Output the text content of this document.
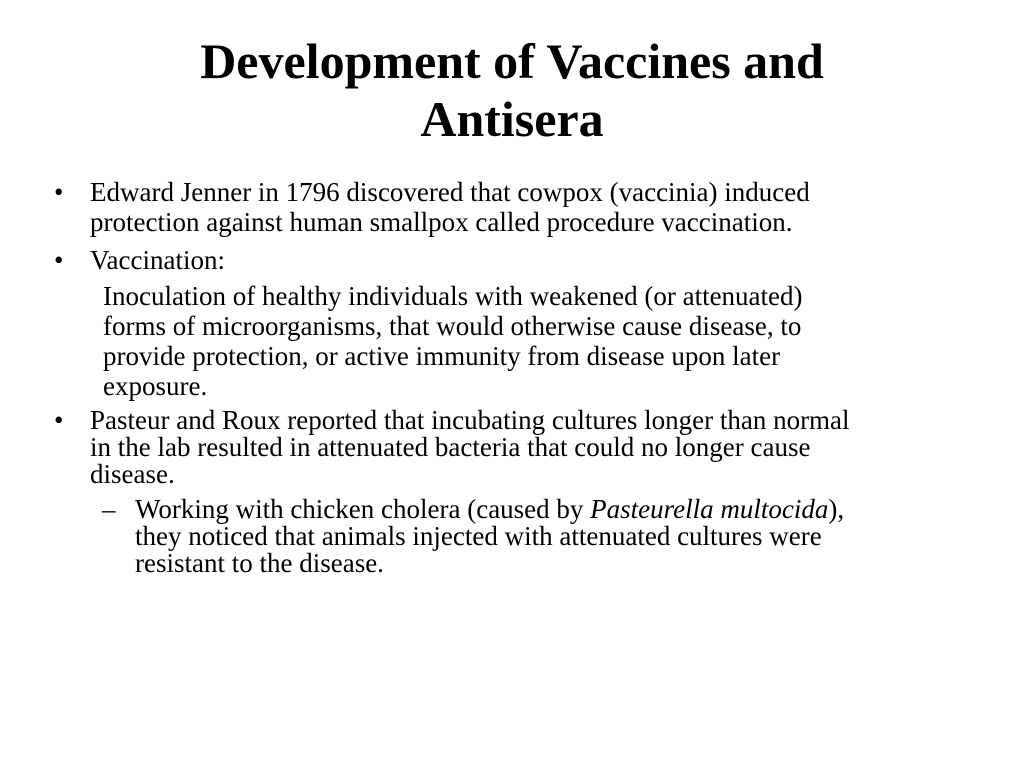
Development of Vaccines and
Antisera

• Edward Jenner in 1796 discovered that cowpox (vaccinia) induced protection against human smallpox called procedure vaccination.

• Vaccination:

Inoculation of healthy individuals with weakened (or attenuated) forms of microorganisms, that would otherwise cause disease, to provide protection, or active immunity from disease upon later exposure.

• Pasteur and Roux reported that incubating cultures longer than normal in the lab resulted in attenuated bacteria that could no longer cause disease.

– Working with chicken cholera (caused by Pasteurella multocida), they noticed that animals injected with attenuated cultures were resistant to the disease.
